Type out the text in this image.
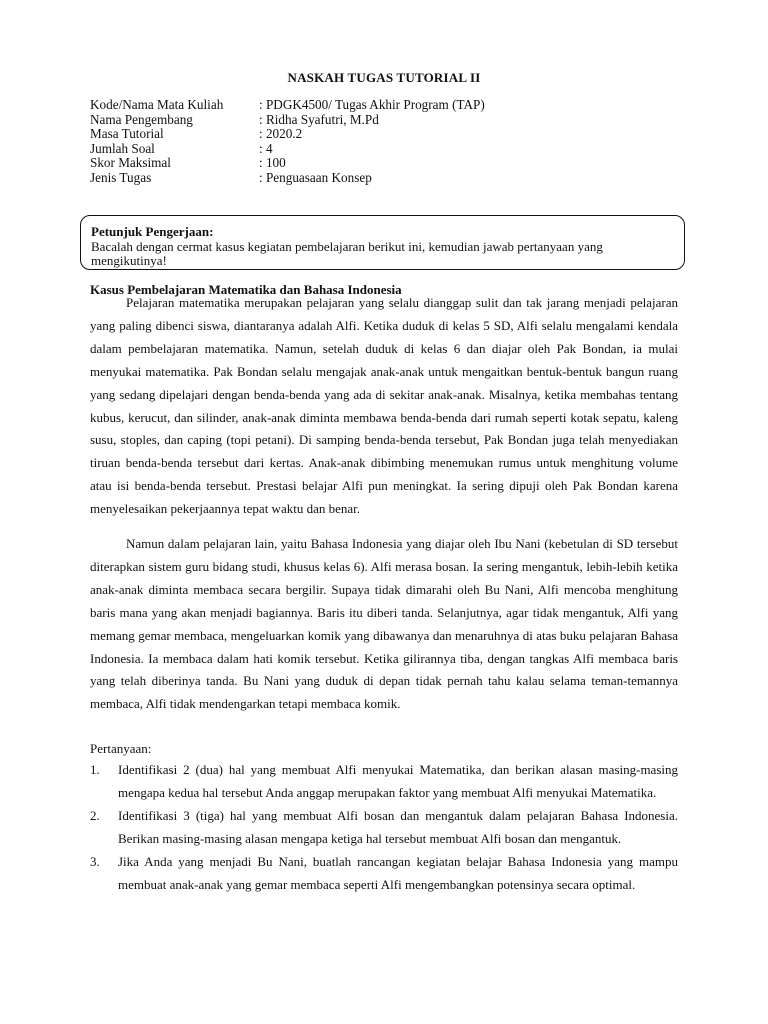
NASKAH TUGAS TUTORIAL II
Kode/Nama Mata Kuliah	: PDGK4500/ Tugas Akhir Program (TAP)
Nama Pengembang	: Ridha Syafutri, M.Pd
Masa Tutorial	: 2020.2
Jumlah Soal	: 4
Skor Maksimal	: 100
Jenis Tugas	: Penguasaan Konsep
Petunjuk Pengerjaan:
Bacalah dengan cermat kasus kegiatan pembelajaran berikut ini, kemudian jawab pertanyaan yang mengikutinya!
Kasus Pembelajaran Matematika dan Bahasa Indonesia
Pelajaran matematika merupakan pelajaran yang selalu dianggap sulit dan tak jarang menjadi pelajaran yang paling dibenci siswa, diantaranya adalah Alfi. Ketika duduk di kelas 5 SD, Alfi selalu mengalami kendala dalam pembelajaran matematika. Namun, setelah duduk di kelas 6 dan diajar oleh Pak Bondan, ia mulai menyukai matematika. Pak Bondan selalu mengajak anak-anak untuk mengaitkan bentuk-bentuk bangun ruang yang sedang dipelajari dengan benda-benda yang ada di sekitar anak-anak. Misalnya, ketika membahas tentang kubus, kerucut, dan silinder, anak-anak diminta membawa benda-benda dari rumah seperti kotak sepatu, kaleng susu, stoples, dan caping (topi petani). Di samping benda-benda tersebut, Pak Bondan juga telah menyediakan tiruan benda-benda tersebut dari kertas. Anak-anak dibimbing menemukan rumus untuk menghitung volume atau isi benda-benda tersebut. Prestasi belajar Alfi pun meningkat. Ia sering dipuji oleh Pak Bondan karena menyelesaikan pekerjaannya tepat waktu dan benar.
Namun dalam pelajaran lain, yaitu Bahasa Indonesia yang diajar oleh Ibu Nani (kebetulan di SD tersebut diterapkan sistem guru bidang studi, khusus kelas 6). Alfi merasa bosan. Ia sering mengantuk, lebih-lebih ketika anak-anak diminta membaca secara bergilir. Supaya tidak dimarahi oleh Bu Nani, Alfi mencoba menghitung baris mana yang akan menjadi bagiannya. Baris itu diberi tanda. Selanjutnya, agar tidak mengantuk, Alfi yang memang gemar membaca, mengeluarkan komik yang dibawanya dan menaruhnya di atas buku pelajaran Bahasa Indonesia. Ia membaca dalam hati komik tersebut. Ketika gilirannya tiba, dengan tangkas Alfi membaca baris yang telah diberinya tanda. Bu Nani yang duduk di depan tidak pernah tahu kalau selama teman-temannya membaca, Alfi tidak mendengarkan tetapi membaca komik.
Pertanyaan:
1.	Identifikasi 2 (dua) hal yang membuat Alfi menyukai Matematika, dan berikan alasan masing-masing mengapa kedua hal tersebut Anda anggap merupakan faktor yang membuat Alfi menyukai Matematika.
2.	Identifikasi 3 (tiga) hal yang membuat Alfi bosan dan mengantuk dalam pelajaran Bahasa Indonesia. Berikan masing-masing alasan mengapa ketiga hal tersebut membuat Alfi bosan dan mengantuk.
3.	Jika Anda yang menjadi Bu Nani, buatlah rancangan kegiatan belajar Bahasa Indonesia yang mampu membuat anak-anak yang gemar membaca seperti Alfi mengembangkan potensinya secara optimal.
